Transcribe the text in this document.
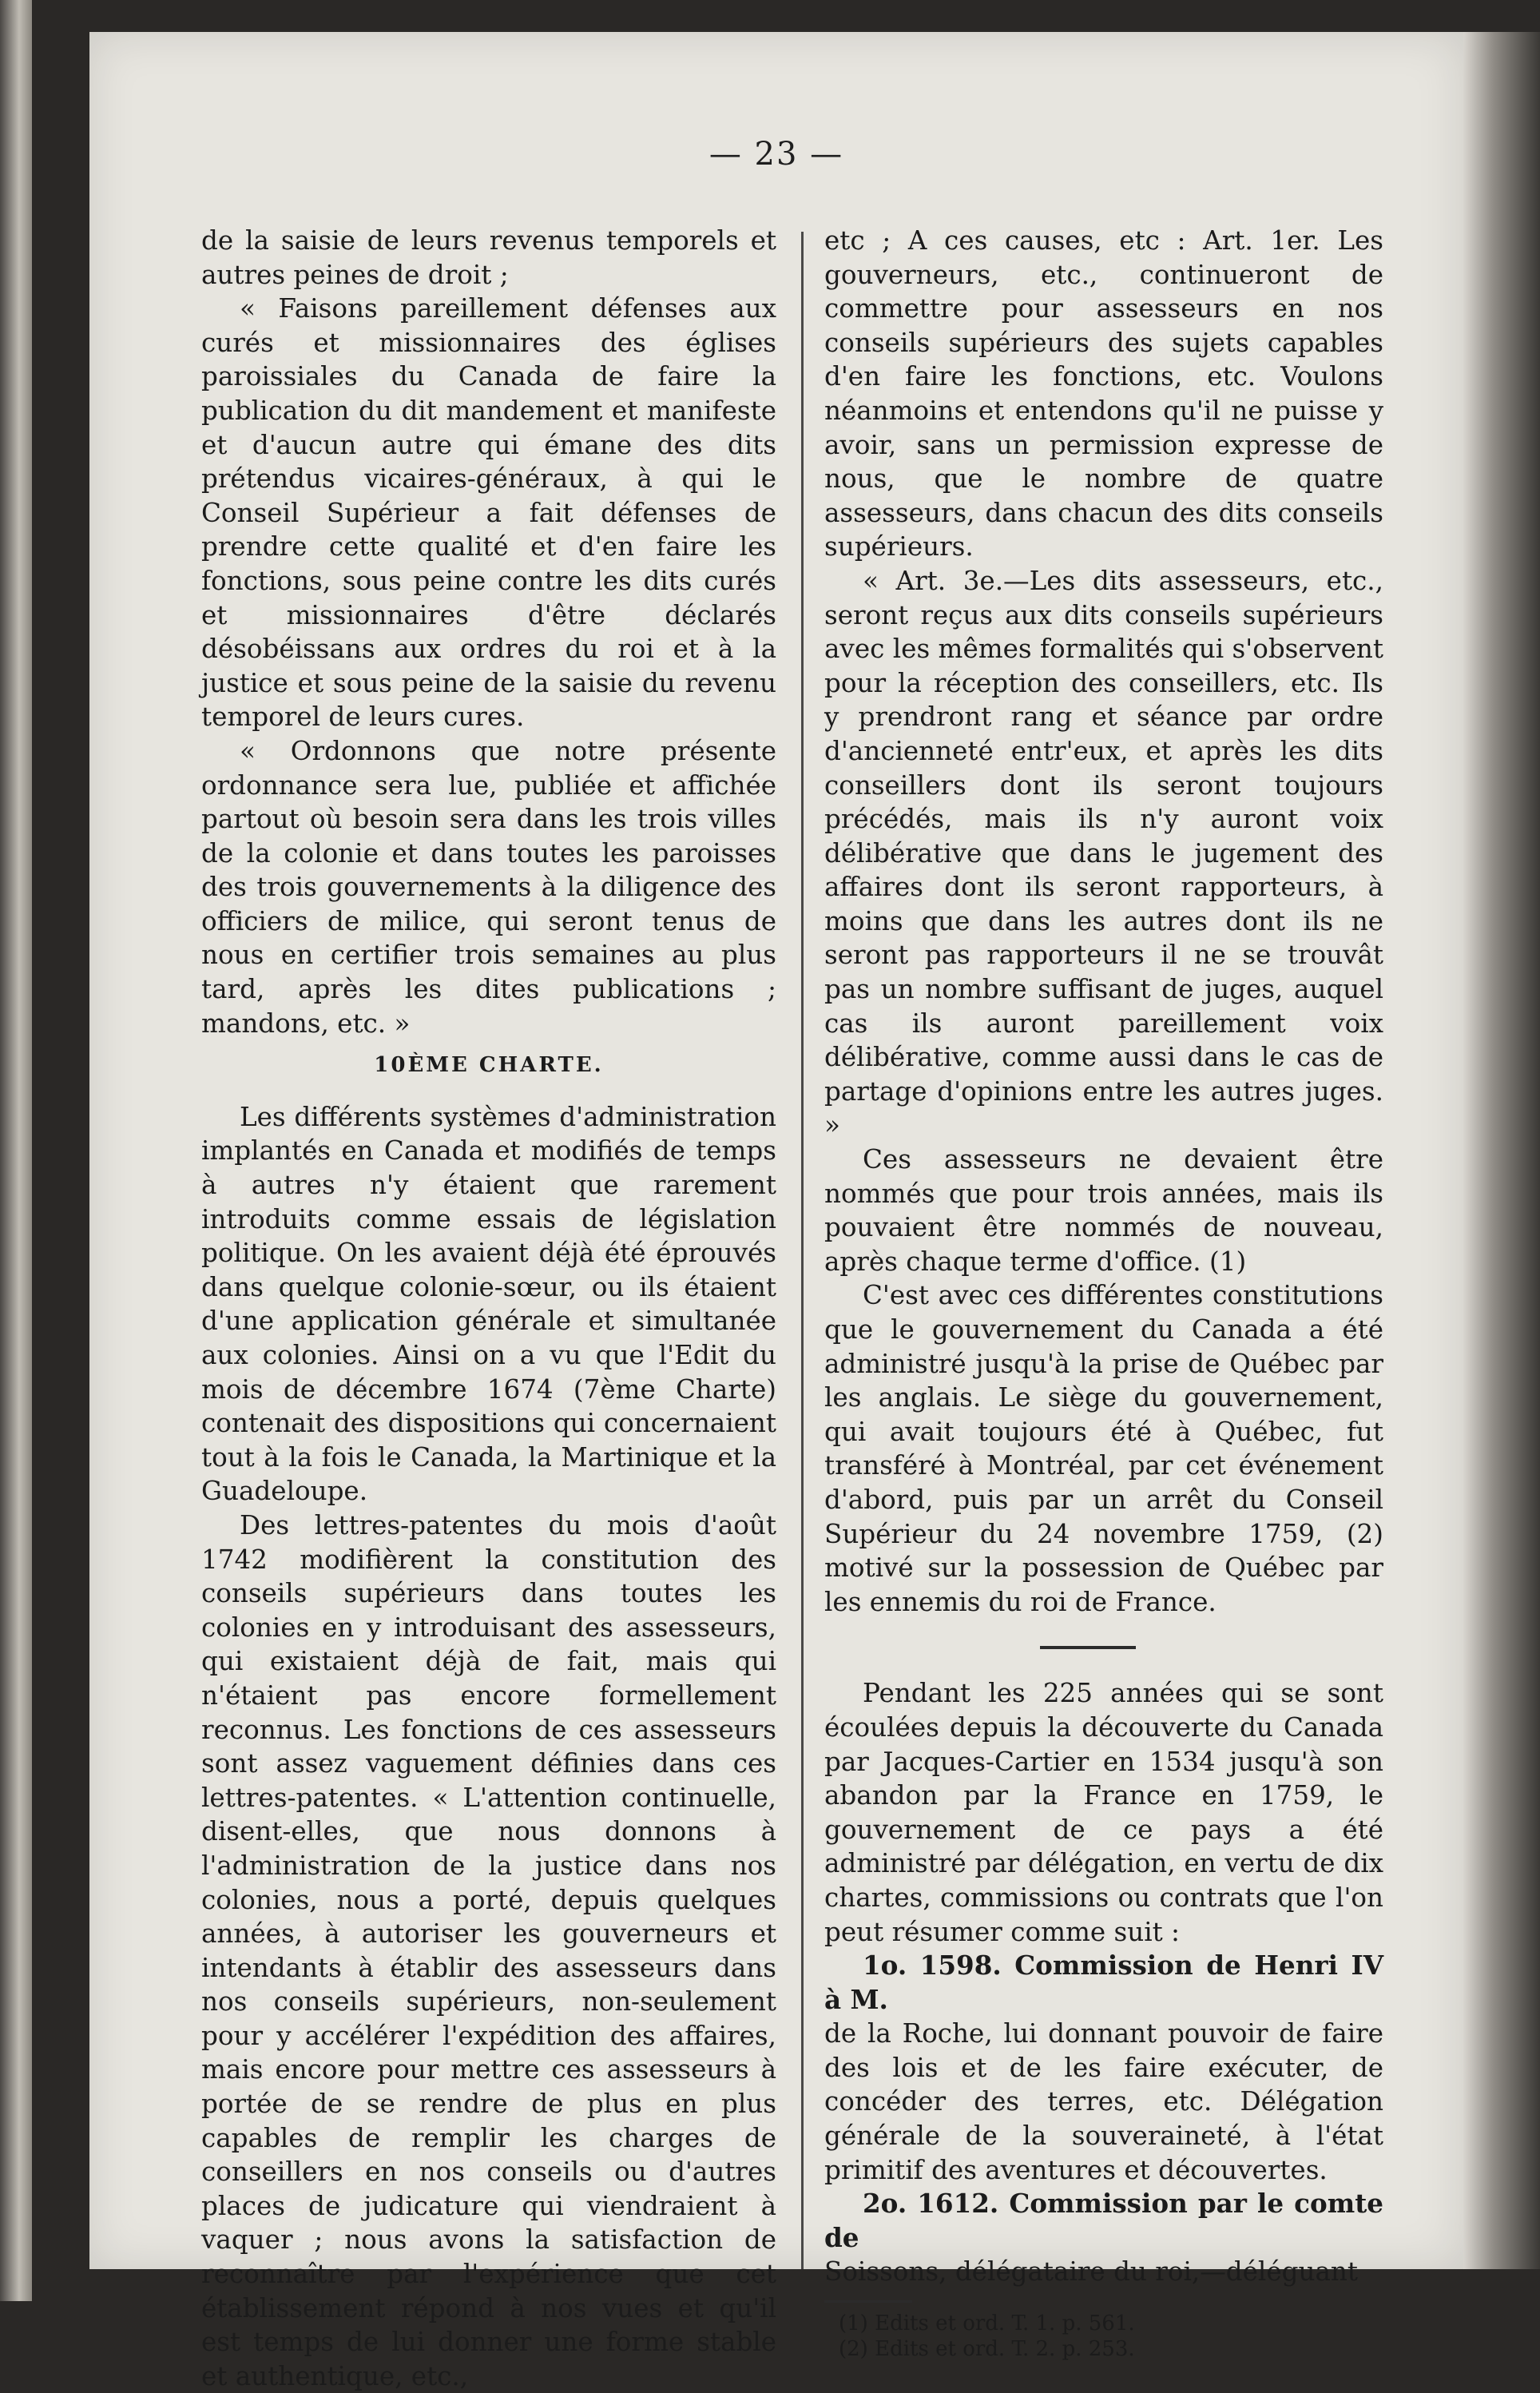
— 23 —

de la saisie de leurs revenus temporels et autres peines de droit ;

« Faisons pareillement défenses aux curés et missionnaires des églises paroissiales du Canada de faire la publication du dit mandement et manifeste et d'aucun autre qui émane des dits prétendus vicaires-généraux, à qui le Conseil Supérieur a fait défenses de prendre cette qualité et d'en faire les fonctions, sous peine contre les dits curés et missionnaires d'être déclarés désobéissans aux ordres du roi et à la justice et sous peine de la saisie du revenu temporel de leurs cures.

« Ordonnons que notre présente ordonnance sera lue, publiée et affichée partout où besoin sera dans les trois villes de la colonie et dans toutes les paroisses des trois gouvernements à la diligence des officiers de milice, qui seront tenus de nous en certifier trois semaines au plus tard, après les dites publications ; mandons, etc. »

10ÈME CHARTE.

Les différents systèmes d'administration implantés en Canada et modifiés de temps à autres n'y étaient que rarement introduits comme essais de législation politique. On les avaient déjà été éprouvés dans quelque colonie-sœur, ou ils étaient d'une application générale et simultanée aux colonies. Ainsi on a vu que l'Edit du mois de décembre 1674 (7ème Charte) contenait des dispositions qui concernaient tout à la fois le Canada, la Martinique et la Guadeloupe.

Des lettres-patentes du mois d'août 1742 modifièrent la constitution des conseils supérieurs dans toutes les colonies en y introduisant des assesseurs, qui existaient déjà de fait, mais qui n'étaient pas encore formellement reconnus. Les fonctions de ces assesseurs sont assez vaguement définies dans ces lettres-patentes. « L'attention continuelle, disent-elles, que nous donnons à l'administration de la justice dans nos colonies, nous a porté, depuis quelques années, à autoriser les gouverneurs et intendants à établir des assesseurs dans nos conseils supérieurs, non-seulement pour y accélérer l'expédition des affaires, mais encore pour mettre ces assesseurs à portée de se rendre de plus en plus capables de remplir les charges de conseillers en nos conseils ou d'autres places de judicature qui viendraient à vaquer ; nous avons la satisfaction de reconnaître par l'expérience que cet établissement répond à nos vues et qu'il est temps de lui donner une forme stable et authentique, etc.,

etc ; A ces causes, etc : Art. 1er. Les gouverneurs, etc., continueront de commettre pour assesseurs en nos conseils supérieurs des sujets capables d'en faire les fonctions, etc. Voulons néanmoins et entendons qu'il ne puisse y avoir, sans un permission expresse de nous, que le nombre de quatre assesseurs, dans chacun des dits conseils supérieurs.

« Art. 3e.—Les dits assesseurs, etc., seront reçus aux dits conseils supérieurs avec les mêmes formalités qui s'observent pour la réception des conseillers, etc. Ils y prendront rang et séance par ordre d'ancienneté entr'eux, et après les dits conseillers dont ils seront toujours précédés, mais ils n'y auront voix délibérative que dans le jugement des affaires dont ils seront rapporteurs, à moins que dans les autres dont ils ne seront pas rapporteurs il ne se trouvât pas un nombre suffisant de juges, auquel cas ils auront pareillement voix délibérative, comme aussi dans le cas de partage d'opinions entre les autres juges. »

Ces assesseurs ne devaient être nommés que pour trois années, mais ils pouvaient être nommés de nouveau, après chaque terme d'office. (1)

C'est avec ces différentes constitutions que le gouvernement du Canada a été administré jusqu'à la prise de Québec par les anglais. Le siège du gouvernement, qui avait toujours été à Québec, fut transféré à Montréal, par cet événement d'abord, puis par un arrêt du Conseil Supérieur du 24 novembre 1759, (2) motivé sur la possession de Québec par les ennemis du roi de France.

Pendant les 225 années qui se sont écoulées depuis la découverte du Canada par Jacques-Cartier en 1534 jusqu'à son abandon par la France en 1759, le gouvernement de ce pays a été administré par délégation, en vertu de dix chartes, commissions ou contrats que l'on peut résumer comme suit :

1o. 1598. Commission de Henri IV à M.

de la Roche, lui donnant pouvoir de faire des lois et de les faire exécuter, de concéder des terres, etc. Délégation générale de la souveraineté, à l'état primitif des aventures et découvertes.

2o. 1612. Commission par le comte de

Soissons, délégataire du roi,—déléguant

(1) Edits et ord. T. 1. p. 561.

(2) Edits et ord. T. 2. p. 253.
